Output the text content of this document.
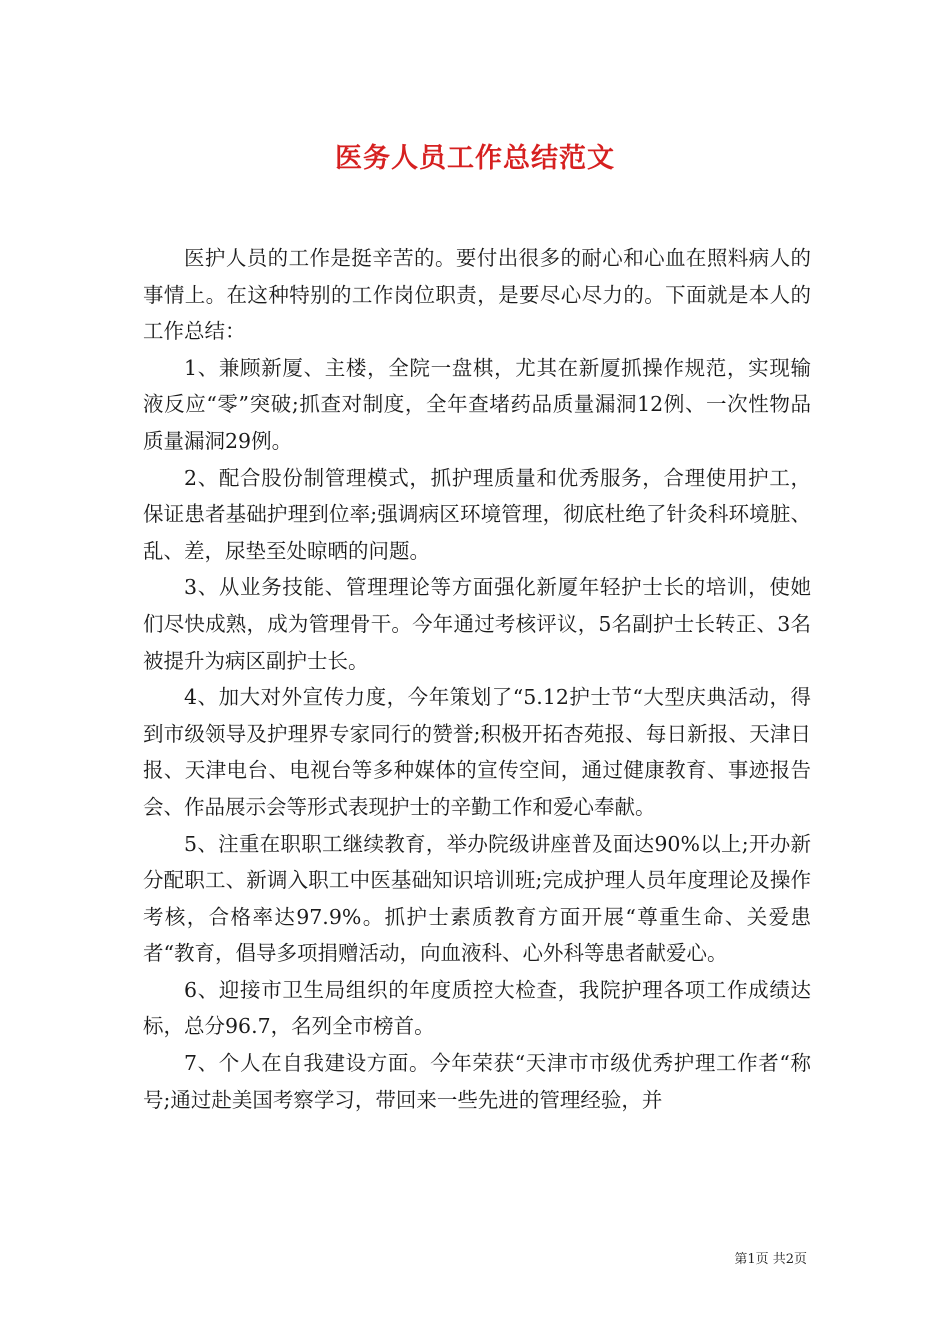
医务人员工作总结范文

医护人员的工作是挺辛苦的。要付出很多的耐心和心血在照料病人的事情上。在这种特别的工作岗位职责，是要尽心尽力的。下面就是本人的工作总结：

1、兼顾新厦、主楼，全院一盘棋，尤其在新厦抓操作规范，实现输液反应“零”突破;抓查对制度，全年查堵药品质量漏洞12例、一次性物品质量漏洞29例。

2、配合股份制管理模式，抓护理质量和优秀服务，合理使用护工，保证患者基础护理到位率;强调病区环境管理，彻底杜绝了针灸科环境脏、乱、差，尿垫至处晾晒的问题。

3、从业务技能、管理理论等方面强化新厦年轻护士长的培训，使她们尽快成熟，成为管理骨干。今年通过考核评议，5名副护士长转正、3名被提升为病区副护士长。

4、加大对外宣传力度，今年策划了“5.12护士节“大型庆典活动，得到市级领导及护理界专家同行的赞誉;积极开拓杏苑报、每日新报、天津日报、天津电台、电视台等多种媒体的宣传空间，通过健康教育、事迹报告会、作品展示会等形式表现护士的辛勤工作和爱心奉献。

5、注重在职职工继续教育，举办院级讲座普及面达90%以上;开办新分配职工、新调入职工中医基础知识培训班;完成护理人员年度理论及操作考核，合格率达97.9%。抓护士素质教育方面开展“尊重生命、关爱患者“教育，倡导多项捐赠活动，向血液科、心外科等患者献爱心。

6、迎接市卫生局组织的年度质控大检查，我院护理各项工作成绩达标，总分96.7，名列全市榜首。

7、个人在自我建设方面。今年荣获“天津市市级优秀护理工作者“称号;通过赴美国考察学习，带回来一些先进的管理经验，并

第1页 共2页
